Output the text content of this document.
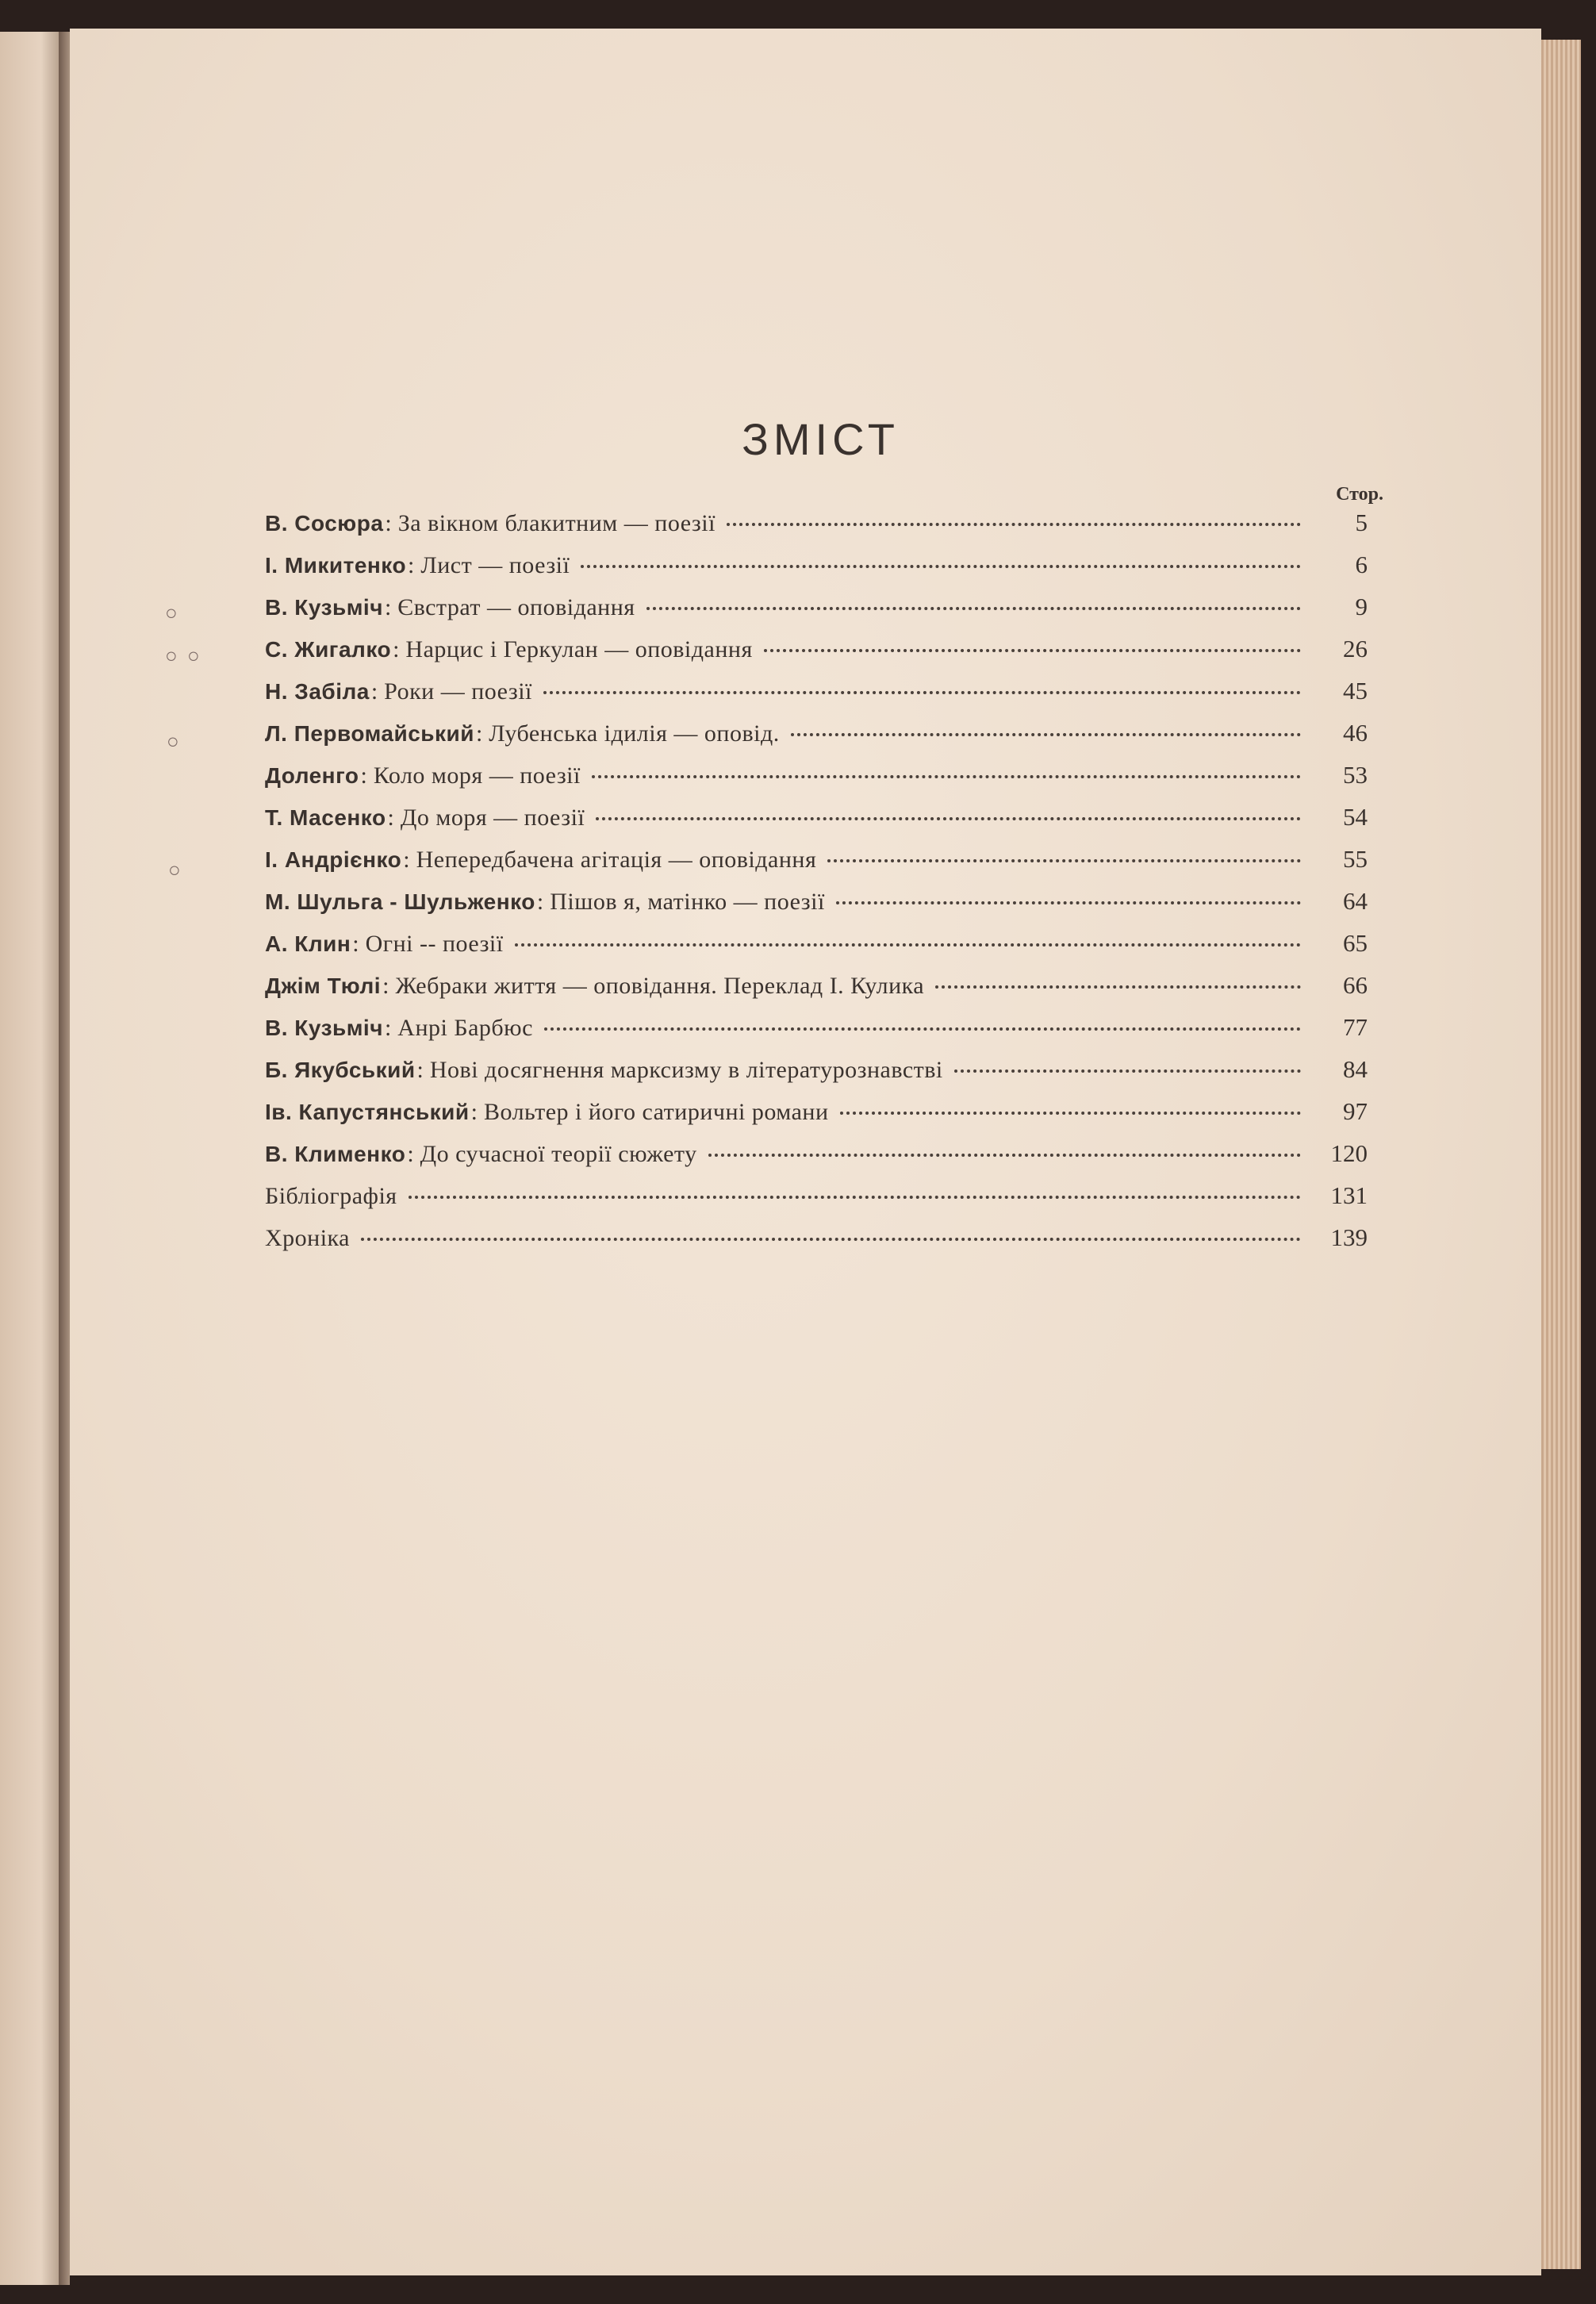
ЗМІСТ
Стор.
В. Сосюра : За вікном блакитним — поезії	5
І. Микитенко : Лист — поезії	6
В. Кузьміч : Євстрат — оповідання	9
С. Жигалко : Нарцис і Геркулан — оповідання	26
Н. Забіла : Роки — поезії	45
Л. Первомайський : Лубенська ідилія — оповід.	46
Доленго : Коло моря — поезії	53
Т. Масенко : До моря — поезії	54
І. Андрієнко : Непередбачена агітація — оповідання	55
М. Шульга - Шульженко : Пішов я, матінко — поезії	64
А. Клин : Огні -- поезії	65
Джім Тюлі : Жебраки життя — оповідання. Переклад І. Кулика	66
В. Кузьміч : Анрі Барбюс	77
Б. Якубський : Нові досягнення марксизму в літературознавстві	84
Ів. Капустянський : Вольтер і його сатиричні романи	97
В. Клименко : До сучасної теорії сюжету	120
Бібліографія	131
Хроніка	139
○
○ ○
○
○
